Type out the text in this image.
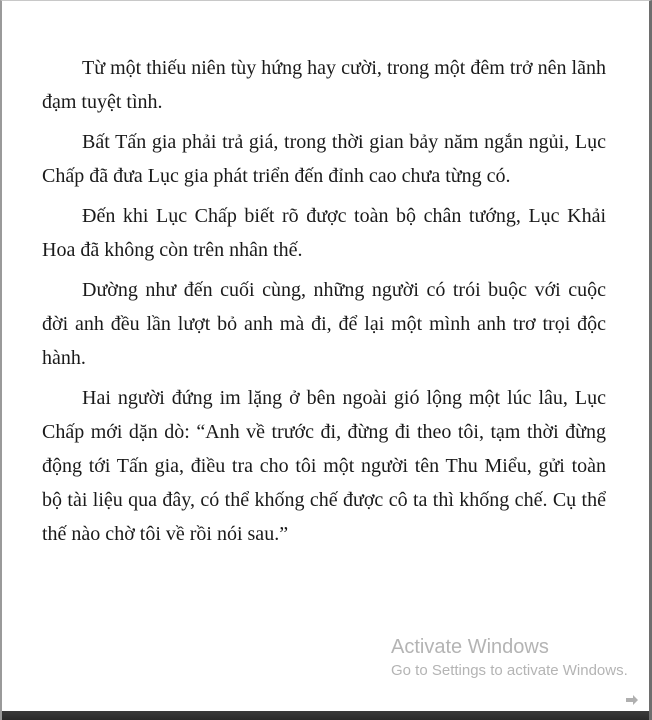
Từ một thiếu niên tùy hứng hay cười, trong một đêm trở nên lãnh đạm tuyệt tình.

Bất Tấn gia phải trả giá, trong thời gian bảy năm ngắn ngủi, Lục Chấp đã đưa Lục gia phát triển đến đỉnh cao chưa từng có.

Đến khi Lục Chấp biết rõ được toàn bộ chân tướng, Lục Khải Hoa đã không còn trên nhân thế.

Dường như đến cuối cùng, những người có trói buộc với cuộc đời anh đều lần lượt bỏ anh mà đi, để lại một mình anh trơ trọi độc hành.

Hai người đứng im lặng ở bên ngoài gió lộng một lúc lâu, Lục Chấp mới dặn dò: “Anh về trước đi, đừng đi theo tôi, tạm thời đừng động tới Tấn gia, điều tra cho tôi một người tên Thu Miểu, gửi toàn bộ tài liệu qua đây, có thể khống chế được cô ta thì khống chế. Cụ thể thế nào chờ tôi về rồi nói sau.”

Activate Windows
Go to Settings to activate Windows.
